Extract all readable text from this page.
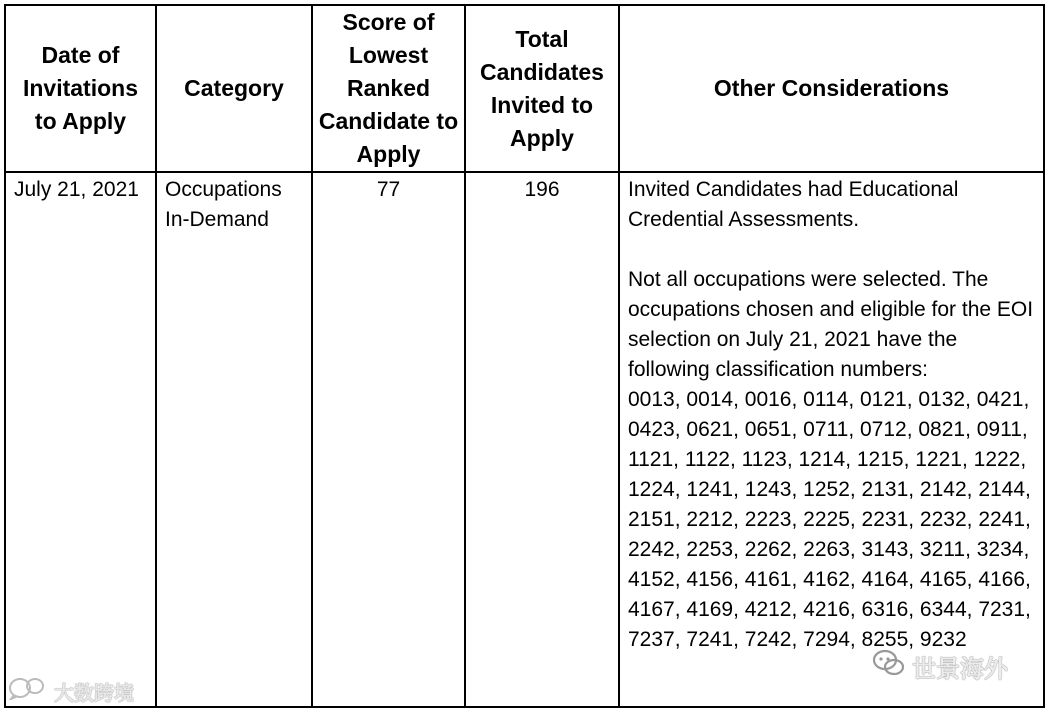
Date of Invitations to Apply	Category	Score of Lowest Ranked Candidate to Apply	Total Candidates Invited to Apply	Other Considerations
July 21, 2021	Occupations In-Demand	77	196	Invited Candidates had Educational Credential Assessments.
Not all occupations were selected. The occupations chosen and eligible for the EOI selection on July 21, 2021 have the following classification numbers:
0013, 0014, 0016, 0114, 0121, 0132, 0421, 0423, 0621, 0651, 0711, 0712, 0821, 0911, 1121, 1122, 1123, 1214, 1215, 1221, 1222, 1224, 1241, 1243, 1252, 2131, 2142, 2144, 2151, 2212, 2223, 2225, 2231, 2232, 2241, 2242, 2253, 2262, 2263, 3143, 3211, 3234, 4152, 4156, 4161, 4162, 4164, 4165, 4166, 4167, 4169, 4212, 4216, 6316, 6344, 7231, 7237, 7241, 7242, 7294, 8255, 9232
大数跨境
世景海外
